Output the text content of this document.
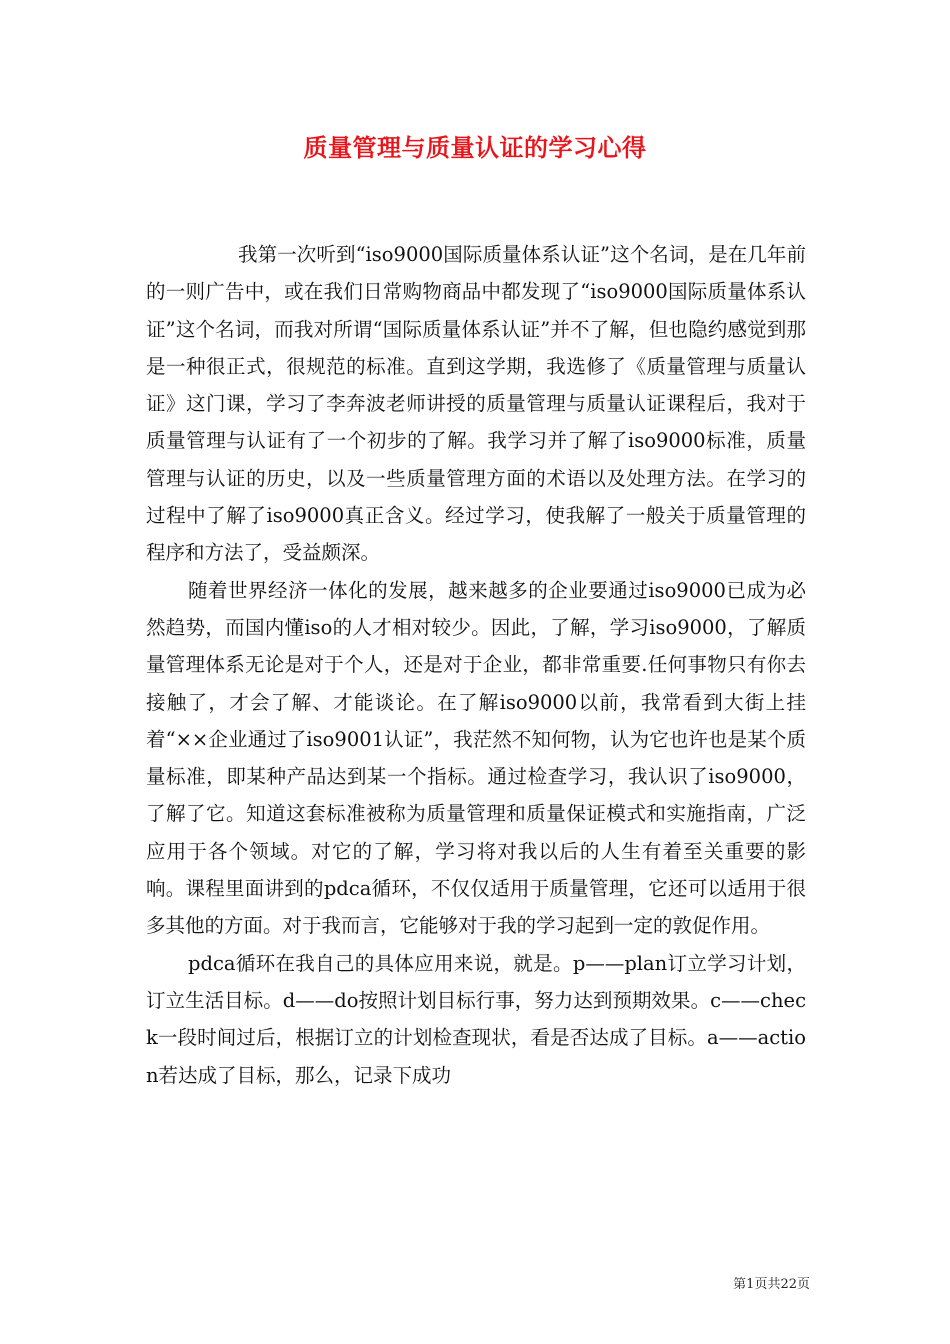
质量管理与质量认证的学习心得

我第一次听到“iso9000国际质量体系认证”这个名词，是在几年前的一则广告中，或在我们日常购物商品中都发现了“iso9000国际质量体系认证”这个名词，而我对所谓“国际质量体系认证”并不了解，但也隐约感觉到那是一种很正式，很规范的标准。直到这学期，我选修了《质量管理与质量认证》这门课，学习了李奔波老师讲授的质量管理与质量认证课程后，我对于质量管理与认证有了一个初步的了解。我学习并了解了iso9000标准，质量管理与认证的历史，以及一些质量管理方面的术语以及处理方法。在学习的过程中了解了iso9000真正含义。经过学习，使我解了一般关于质量管理的程序和方法了，受益颇深。

随着世界经济一体化的发展，越来越多的企业要通过iso9000已成为必然趋势，而国内懂iso的人才相对较少。因此，了解，学习iso9000，了解质量管理体系无论是对于个人，还是对于企业，都非常重要.任何事物只有你去接触了，才会了解、才能谈论。在了解iso9000以前，我常看到大街上挂着“××企业通过了iso9001认证”，我茫然不知何物，认为它也许也是某个质量标准，即某种产品达到某一个指标。通过检查学习，我认识了iso9000，了解了它。知道这套标准被称为质量管理和质量保证模式和实施指南，广泛应用于各个领域。对它的了解，学习将对我以后的人生有着至关重要的影响。课程里面讲到的pdca循环，不仅仅适用于质量管理，它还可以适用于很多其他的方面。对于我而言，它能够对于我的学习起到一定的敦促作用。

pdca循环在我自己的具体应用来说，就是。p——plan订立学习计划，订立生活目标。d——do按照计划目标行事，努力达到预期效果。c——check一段时间过后，根据订立的计划检查现状，看是否达成了目标。a——action若达成了目标，那么，记录下成功

第1页共22页
